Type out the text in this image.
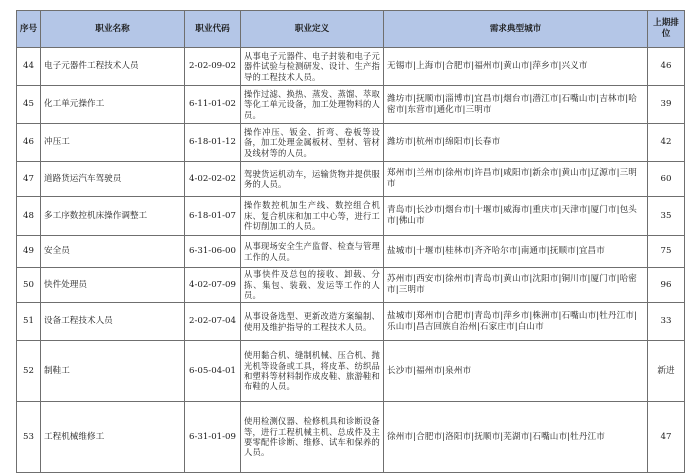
序号	职业名称	职业代码	职业定义	需求典型城市	上期排位
44	电子元器件工程技术人员	2-02-09-02	从事电子元器件、电子封装和电子元器件试验与检测研发、设计、生产指导的工程技术人员。	无锡市|上海市|合肥市|福州市|黄山市|萍乡市|兴义市	46
45	化工单元操作工	6-11-01-02	操作过滤、换热、蒸发、蒸馏、萃取等化工单元设备，加工处理物料的人员。	潍坊市|抚顺市|淄博市|宜昌市|烟台市|潜江市|石嘴山市|吉林市|哈密市|东营市|通化市|三明市	39
46	冲压工	6-18-01-12	操作冲压、钣金、折弯、卷板等设备，加工处理金属板材、型材、管材及线材等的人员。	潍坊市|杭州市|绵阳市|长春市	42
47	道路货运汽车驾驶员	4-02-02-02	驾驶货运机动车，运输货物并提供服务的人员。	郑州市|兰州市|徐州市|许昌市|咸阳市|新余市|黄山市|辽源市|三明市	60
48	多工序数控机床操作调整工	6-18-01-07	操作数控机加生产线、数控组合机床、复合机床和加工中心等，进行工件切削加工的人员。	青岛市|长沙市|烟台市|十堰市|威海市|重庆市|天津市|厦门市|包头市|佛山市	35
49	安全员	6-31-06-00	从事现场安全生产监督、检查与管理工作的人员。	盐城市|十堰市|桂林市|齐齐哈尔市|南通市|抚顺市|宜昌市	75
50	快件处理员	4-02-07-09	从事快件及总包的接收、卸载、分拣、集包、装载、发运等工作的人员。	苏州市|西安市|徐州市|青岛市|黄山市|沈阳市|铜川市|厦门市|哈密市|三明市	96
51	设备工程技术人员	2-02-07-04	从事设备选型、更新改造方案编制、使用及维护指导的工程技术人员。	盐城市|郑州市|合肥市|青岛市|萍乡市|株洲市|石嘴山市|牡丹江市|乐山市|昌吉回族自治州|石家庄市|白山市	33
52	制鞋工	6-05-04-01	使用黏合机、缝制机械、压合机、抛光机等设备或工具，将皮革、纺织品和塑料等材料制作成皮鞋、旅游鞋和布鞋的人员。	长沙市|福州市|泉州市	新进
53	工程机械维修工	6-31-01-09	使用检测仪器、检修机具和诊断设备等，进行工程机械主机、总成件及主要零配件诊断、维修、试车和保养的人员。	徐州市|合肥市|洛阳市|抚顺市|芜湖市|石嘴山市|牡丹江市	47
